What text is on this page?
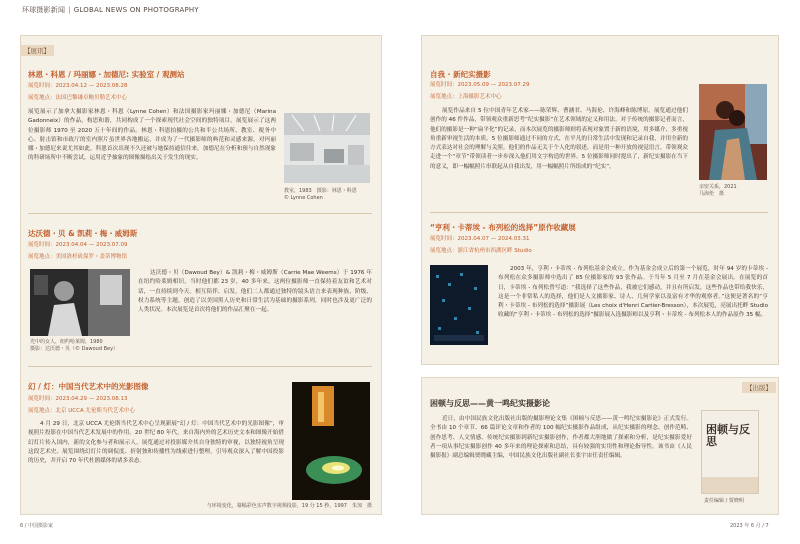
环球摄影新闻 | GLOBAL NEWS ON PHOTOGRAPHY
【展讯】
林恩・科恩 / 玛丽娜・加德尼: 实验室 / 观测站
展览时间：2023.04.12 — 2023.08.28
展览地点：法国巴黎谦卓鲍贝勒艺术中心
展览展示了加拿大摄影家林恩・科恩（Lynne Cohen）和法国摄影家玛丽娜・加德尼（Marina Gadonneix）的作品，构思和谐，共同构成了一个探索现代社会空间的独特项目。展览展示了这两位摄影师 1970 至 2020 五十年间的作品。林恩・科恩拍摄的公共和半公共场所、教室、税务中心、射击馆和市政厅的室内照片虽世界各地搬运，并成为了一代摄影师的典范和灵感来源。对玛丽娜・加德尼来说尤其如此，科恩首次出现不久还被与她保持通信往来。加德尼在分析和预与自然现象的科研场所中不断尝试，运用近乎抽象的图像描绘出关于发生的现实。
教室，1983　摄影：林恩・科恩
© Lynne Cohen
达沃德・贝 & 凯莉・梅・威姆斯
展览时间：2023.04.04 — 2023.07.09
展览地点：美国洛杉矶保罗・盖蒂博物馆
光中的女人，纽约哈莱姆，1980
摄影：达沃德・贝（© Dawoud Bey）
达沃德・贝（Dawoud Bey）& 凯莉・梅・威姆斯（Carrie Mae Weems）于 1976 年在纽约哈莱姆相识，当时他们都 23 岁，40 多年来，这两位摄影师一直保持着友谊和艺术对话，一直持续到今天。相互陪伴、启发，他们二人都通过独特的镜头语言来表现种族、阶级、权力系统等主题，创造了以美国黑人历史和日常生活为基础的摄影系列，同时也涉及更广泛的人类状况。本次展览是首次将他们的作品汇聚在一起。
幻 / 灯：中国当代艺术中的光影图像
展览时间：2023.04.29 — 2023.08.13
展览地点：北京 UCCA 尤伦斯当代艺术中心
4 月 29 日，北京 UCCA 尤伦斯当代艺术中心呈现新展“幻 / 灯：中国当代艺术中的光影图像”，审视照片投影在中国当代艺术发展中的作用。20 世纪 80 年代，来自海内外的艺术历史文本和图像开始借幻灯片传入国内，新的文化参与者和展示人，展览通过对投影媒介其自身独特的审视，以独特视角呈现这段艺术史。展览围绕幻灯片的调侃度、折射独和传播性为线索进行整理，引导观众深入了解中国投影的历史，并开启 70 年代杜鹃媒体的诸多表态。
与环境变化，幕幅彩色实声数字视频投影，19 分 15 秒，1997　朱加　摄
6 / 中国摄影家
自我 · 新纪实摄影
展览时间：2023.05.09 — 2023.07.29
展览地点：上海摄影艺术中心
展览作品来自 5 位中国青年艺术家——陈荣辉、曹涵君、马海伦、许海峰和陈博原。展览通过他们创作的 46 件作品，带领观众重新思考“纪实摄影”在艺术领域的定义和用法。对于传统的摄影记者而言，他们的摄影是一种“扁平化”的记录，而本次展览的摄影师则将表现对象置于新的语境，用多媒介、多重视角重新审视生活的本质。5 位摄影师通过不同的方式，在平凡的日常生活中发现和记录自我，并用全新的方式表达对社会的理解与关照。他们的作品无关于个人化的叙述，而是用一种开放的视觉语言，带领观众走进一个“章节”带领读者一步步深入他们用文字构造的世界。5 位摄影师同时提出了，新纪实摄影在当下的意义，即一幅幅照片串联起从自我出发，用一幅幅照片所组成的“纪实”。
亲密关系，2021
马海伦　摄
“亨利・卡蒂埃 - 布列松的选择”原作收藏展
展览时间：2023.04.07 — 2024.03.31
展览地点：浙江省杭州市西湖区畔 Studio
2003 年，亨利・卡蒂埃 - 布列松基金会成立。作为基金会成立后的第一个展览，时年 94 岁的卡蒂埃 - 布列松在众多摄影师中选出了 85 位摄影家的 93 张作品。于当年 5 月至 7 月在基金会展出。在展览的首日，卡蒂埃 - 布列松曾写道：“我选择了这些作品，我被它们感动，并且有所启发，这些作品也带给我快乐，这是一个非常私人的选择，他们是人文摄影家、诗人、几何学家以及富有才华的观察者。”这便是著名的“亨利・卡蒂埃 - 布列松的选择”摄影展（Les choix d'Henri Cartier-Bresson），本次展览，亮展出托畔 Studio 收藏的“亨利・卡蒂埃 - 布列松的选择”摄影展入选摄影师以及亨利・卡蒂埃 - 布列松本人的作品原作 35 幅。
【出版】
困顿与反思——黄一鸣纪实摄影论
近日，由中国民族文化出版社出版的摄影理论文集《困顿与反思——黄一鸣纪实摄影论》正式发行。全书由 10 个章节、66 篇评论文章和作者的 100 幅纪实摄影作品组成，从纪实摄影的理念、创作范畴、创作思考、人文情感、传统纪实摄影到新纪实摄影创作，作者都大胆地做了探索和分析，是纪实摄影爱好者一项从事纪实摄影创作 40 多年来的理论探索和总结，具有较强的实用性和理论指导性。该书由《人民摄影报》副总编辑贾晓藏主编，中国民族文化出版社副社长张宇宙任责任编辑。
困顿与反思
责任编辑 / 贾晓明
2023 年 6 月 / 7
